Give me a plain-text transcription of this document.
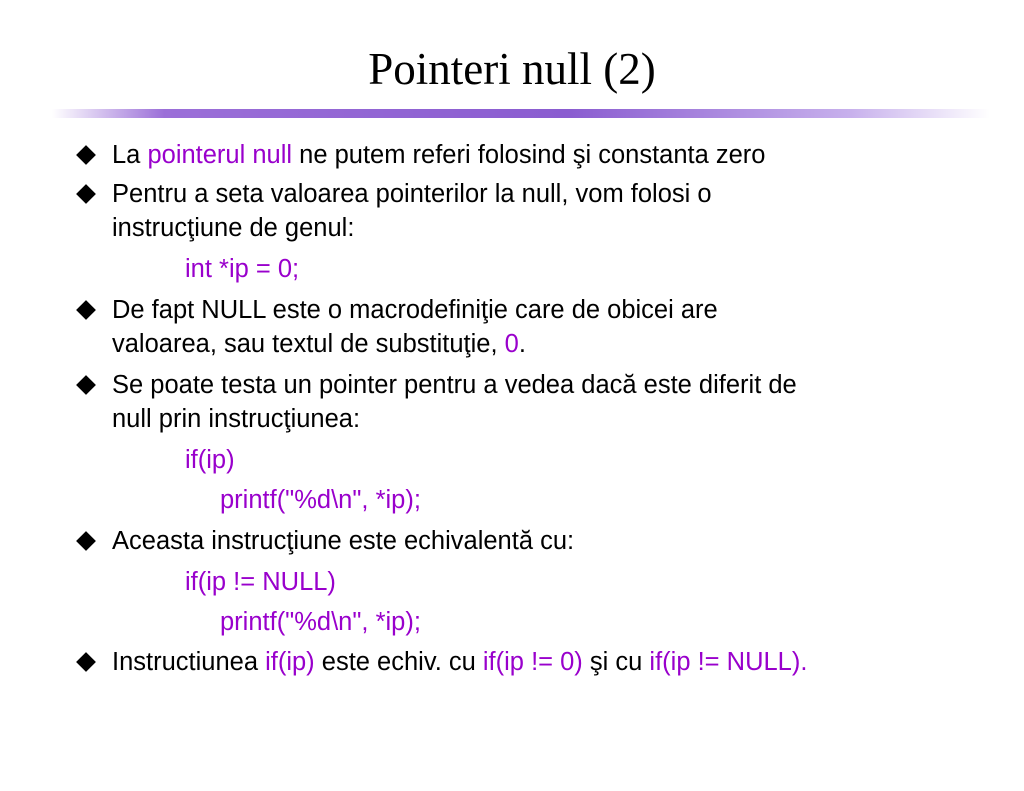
Pointeri null (2)
La pointerul null ne putem referi folosind şi constanta zero
Pentru a seta valoarea pointerilor la null, vom folosi o
instrucţiune de genul:
int *ip = 0;
De fapt NULL este o macrodefiniţie care de obicei are
valoarea, sau textul de substituţie, 0.
Se poate testa un pointer pentru a vedea dacă este diferit de
null prin instrucţiunea:
if(ip)
printf("%d\n", *ip);
Aceasta instrucţiune este echivalentă cu:
if(ip != NULL)
printf("%d\n", *ip);
Instructiunea if(ip) este echiv. cu if(ip != 0) şi cu if(ip != NULL).
